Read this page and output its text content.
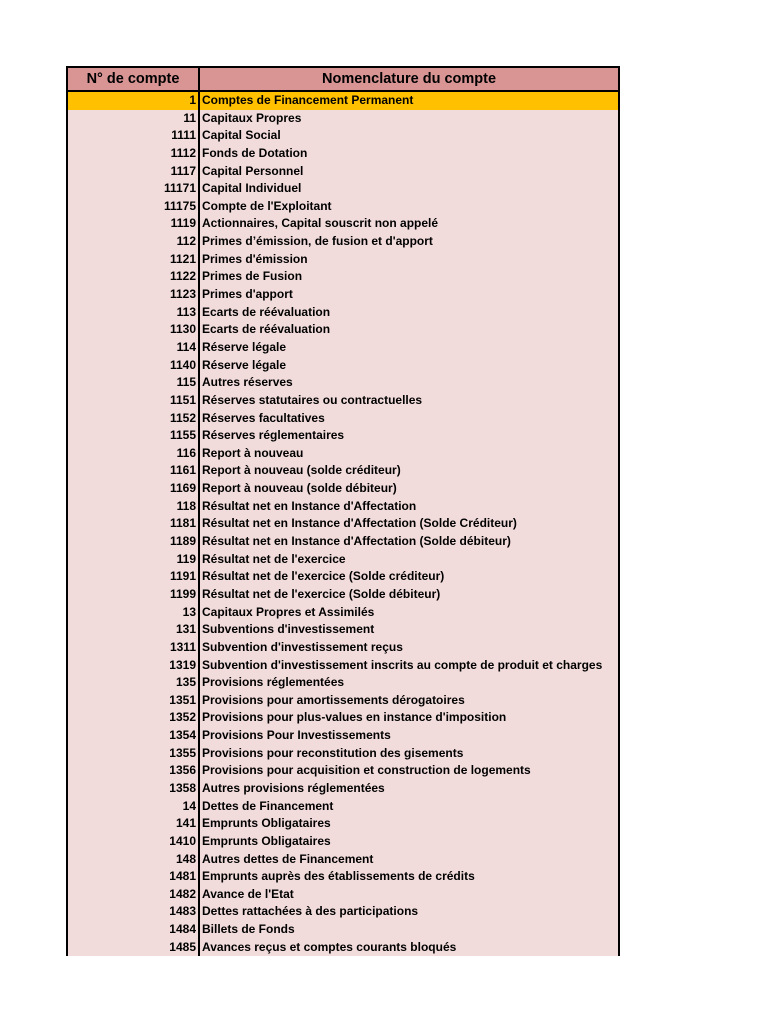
N° de compte	Nomenclature du compte
1 Comptes de Financement Permanent
11 Capitaux Propres
1111 Capital Social
1112 Fonds de Dotation
1117 Capital Personnel
11171 Capital Individuel
11175 Compte de l'Exploitant
1119 Actionnaires, Capital souscrit non appelé
112 Primes d’émission, de fusion et d'apport
1121 Primes d'émission
1122 Primes de Fusion
1123 Primes d'apport
113 Ecarts de réévaluation
1130 Ecarts de réévaluation
114 Réserve légale
1140 Réserve légale
115 Autres réserves
1151 Réserves statutaires ou contractuelles
1152 Réserves facultatives
1155 Réserves réglementaires
116 Report à nouveau
1161 Report à nouveau (solde créditeur)
1169 Report à nouveau (solde débiteur)
118 Résultat net en Instance d'Affectation
1181 Résultat net en Instance d'Affectation (Solde Créditeur)
1189 Résultat net en Instance d'Affectation (Solde débiteur)
119 Résultat net de l'exercice
1191 Résultat net de l'exercice (Solde créditeur)
1199 Résultat net de l'exercice (Solde débiteur)
13 Capitaux Propres et Assimilés
131 Subventions d'investissement
1311 Subvention d'investissement reçus
1319 Subvention d'investissement inscrits au compte de produit et charges
135 Provisions réglementées
1351 Provisions pour amortissements dérogatoires
1352 Provisions pour plus-values en instance d'imposition
1354 Provisions Pour Investissements
1355 Provisions pour reconstitution des gisements
1356 Provisions pour acquisition et construction de logements
1358 Autres provisions réglementées
14 Dettes de Financement
141 Emprunts Obligataires
1410 Emprunts Obligataires
148 Autres dettes de Financement
1481 Emprunts auprès des établissements de crédits
1482 Avance de l'Etat
1483 Dettes rattachées à des participations
1484 Billets de Fonds
1485 Avances reçus et comptes courants bloqués
